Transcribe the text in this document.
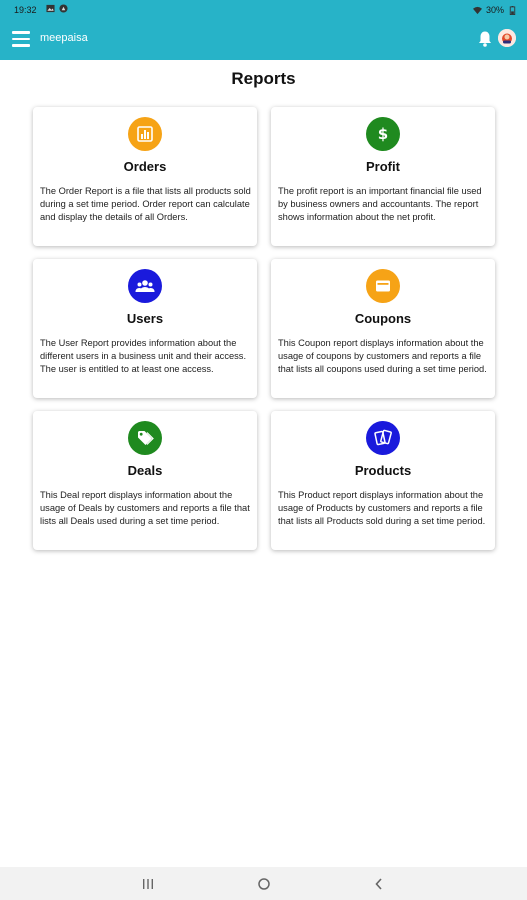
19:32	30%
meepaisa
Reports
Orders
The Order Report is a file that lists all products sold during a set time period. Order report can calculate and display the details of all Orders.
$
Profit
The profit report is an important financial file used by business owners and accountants. The report shows information about the net profit.
Users
The User Report provides information about the different users in a business unit and their access. The user is entitled to at least one access.
Coupons
This Coupon report displays information about the usage of coupons by customers and reports a file that lists all coupons used during a set time period.
Deals
This Deal report displays information about the usage of Deals by customers and reports a file that lists all Deals used during a set time period.
Products
This Product report displays information about the usage of Products by customers and reports a file that lists all Products sold during a set time period.
